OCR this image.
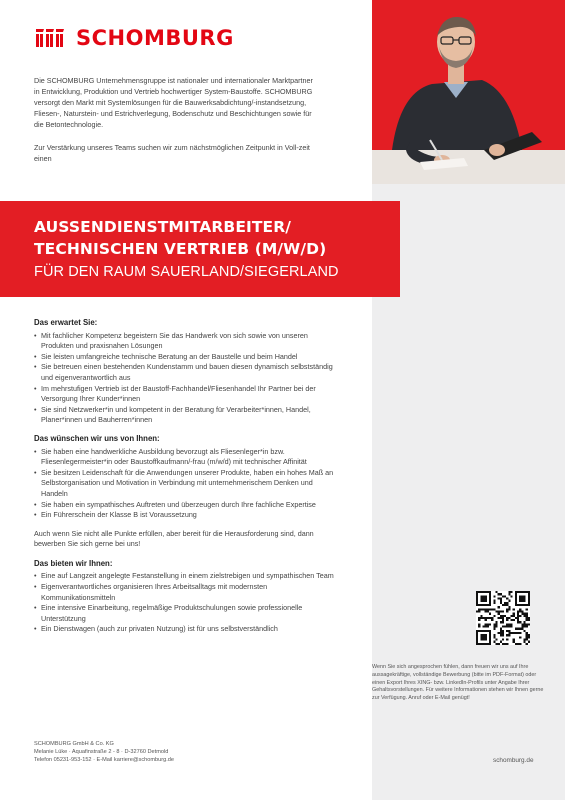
SCHOMBURG

Die SCHOMBURG Unternehmensgruppe ist nationaler und internationaler Marktpartner in Entwicklung, Produktion und Vertrieb hochwertiger System-Baustoffe. SCHOMBURG versorgt den Markt mit Systemlösungen für die Bauwerksabdichtung/-instandsetzung, Fliesen-, Naturstein- und Estrichverlegung, Bodenschutz und Beschichtungen sowie für die Betontechnologie.

Zur Verstärkung unseres Teams suchen wir zum nächstmöglichen Zeitpunkt in Voll-zeit einen

AUSSENDIENSTMITARBEITER/
TECHNISCHEN VERTRIEB (M/W/D)
FÜR DEN RAUM SAUERLAND/SIEGERLAND
Das erwartet Sie:
• Mit fachlicher Kompetenz begeistern Sie das Handwerk von sich sowie von unseren Produkten und praxisnahen Lösungen
• Sie leisten umfangreiche technische Beratung an der Baustelle und beim Handel
• Sie betreuen einen bestehenden Kundenstamm und bauen diesen dynamisch selbstständig und eigenverantwortlich aus
• Im mehrstufigen Vertrieb ist der Baustoff-Fachhandel/Fliesenhandel Ihr Partner bei der Versorgung Ihrer Kunder*innen
• Sie sind Netzwerker*in und kompetent in der Beratung für Verarbeiter*innen, Handel, Planer*innen und Bauherren*innen
Das wünschen wir uns von Ihnen:
• Sie haben eine handwerkliche Ausbildung bevorzugt als Fliesenleger*in bzw. Fliesenlegermeister*in oder Baustoffkaufmann/-frau (m/w/d) mit technischer Affinität
• Sie besitzen Leidenschaft für die Anwendungen unserer Produkte, haben ein hohes Maß an Selbstorganisation und Motivation in Verbindung mit unternehmerischem Denken und Handeln
• Sie haben ein sympathisches Auftreten und überzeugen durch Ihre fachliche Expertise
• Ein Führerschein der Klasse B ist Voraussetzung
Auch wenn Sie nicht alle Punkte erfüllen, aber bereit für die Herausforderung sind, dann bewerben Sie sich gerne bei uns!
Das bieten wir Ihnen:
• Eine auf Langzeit angelegte Festanstellung in einem zielstrebigen und sympathischen Team
• Eigenverantwortliches organisieren Ihres Arbeitsalltags mit modernsten Kommunikationsmitteln
• Eine intensive Einarbeitung, regelmäßige Produktschulungen sowie professionelle Unterstützung
• Ein Dienstwagen (auch zur privaten Nutzung) ist für uns selbstverständlich
Wenn Sie sich angesprochen fühlen, dann freuen wir uns auf Ihre aussagekräftige, vollständige Bewerbung (bitte im PDF-Format) oder einen Export Ihres XING- bzw. LinkedIn-Profils unter Angabe Ihrer Gehaltsvorstellungen. Für weitere Informationen stehen wir Ihnen gerne zur Verfügung. Anruf oder E-Mail genügt!
SCHOMBURG GmbH & Co. KG
Melanie Lüke · Aquafinstraße 2 - 8 · D-32760 Detmold
Telefon 05231-953-152 · E-Mail karriere@schomburg.de	schomburg.de
